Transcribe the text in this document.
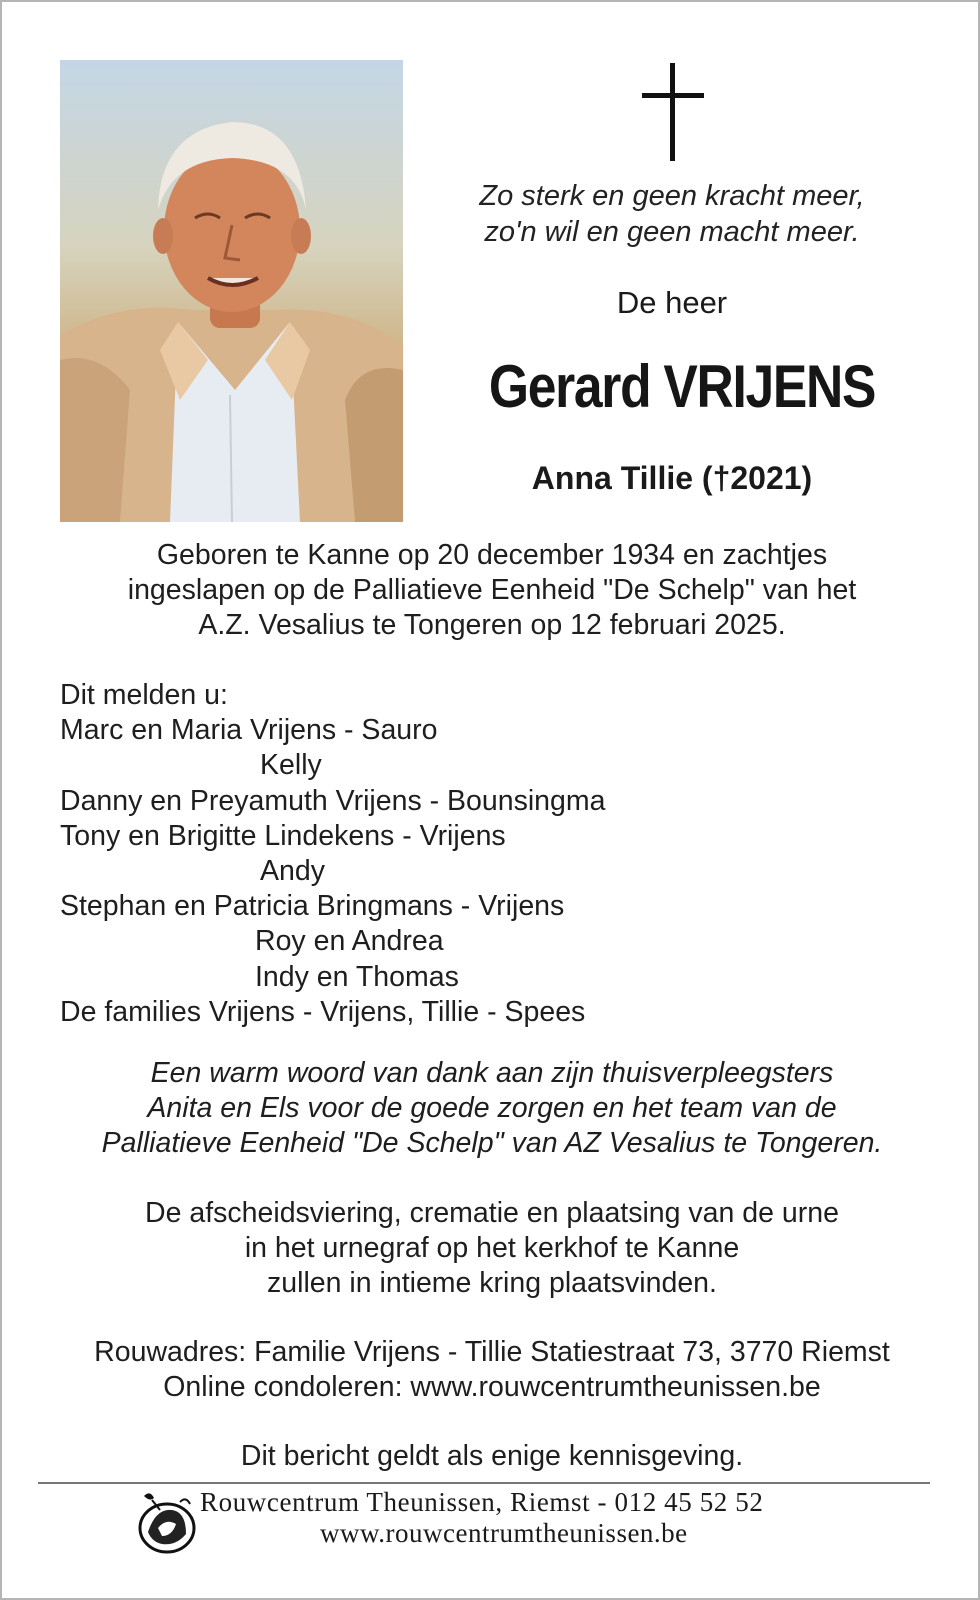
Zo sterk en geen kracht meer,
zo'n wil en geen macht meer.
De heer
Gerard VRIJENS
Anna Tillie (†2021)
Geboren te Kanne op 20 december 1934 en zachtjes
ingeslapen op de Palliatieve Eenheid "De Schelp" van het
A.Z. Vesalius te Tongeren op 12 februari 2025.
Dit melden u:
Marc en Maria Vrijens - Sauro
Kelly
Danny en Preyamuth Vrijens - Bounsingma
Tony en Brigitte Lindekens - Vrijens
Andy
Stephan en Patricia Bringmans - Vrijens
Roy en Andrea
Indy en Thomas
De families Vrijens - Vrijens, Tillie - Spees
Een warm woord van dank aan zijn thuisverpleegsters
Anita en Els voor de goede zorgen en het team van de
Palliatieve Eenheid "De Schelp" van AZ Vesalius te Tongeren.
De afscheidsviering, crematie en plaatsing van de urne
in het urnegraf op het kerkhof te Kanne
zullen in intieme kring plaatsvinden.
Rouwadres: Familie Vrijens - Tillie Statiestraat 73, 3770 Riemst
Online condoleren: www.rouwcentrumtheunissen.be
Dit bericht geldt als enige kennisgeving.
Rouwcentrum Theunissen, Riemst - 012 45 52 52
www.rouwcentrumtheunissen.be
